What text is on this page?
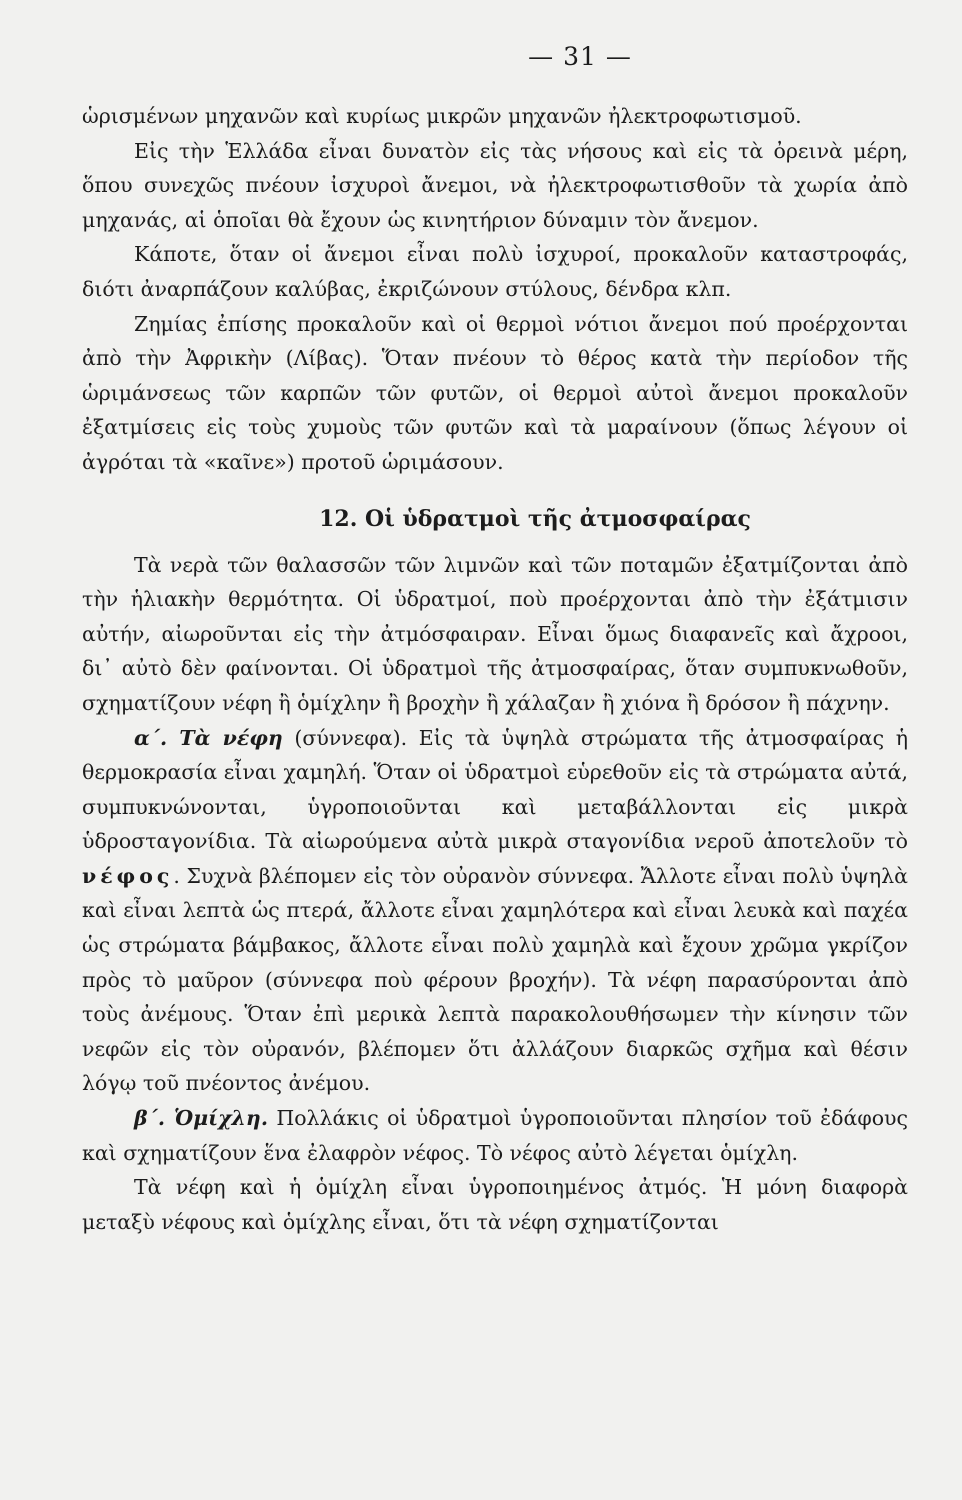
— 31 —

ὡρισμένων μηχανῶν καὶ κυρίως μικρῶν μηχανῶν ἠλεκτροφωτισμοῦ.

Εἰς τὴν Ἑλλάδα εἶναι δυνατὸν εἰς τὰς νήσους καὶ εἰς τὰ ὀρεινὰ μέρη, ὅπου συνεχῶς πνέουν ἰσχυροὶ ἄνεμοι, νὰ ἠλεκτροφωτισθοῦν τὰ χωρία ἀπὸ μηχανάς, αἱ ὁποῖαι θὰ ἔχουν ὡς κινητήριον δύναμιν τὸν ἄνεμον.

Κάποτε, ὅταν οἱ ἄνεμοι εἶναι πολὺ ἰσχυροί, προκαλοῦν καταστροφάς, διότι ἀναρπάζουν καλύβας, ἐκριζώνουν στύλους, δένδρα κλπ.

Ζημίας ἐπίσης προκαλοῦν καὶ οἱ θερμοὶ νότιοι ἄνεμοι πού προέρχονται ἀπὸ τὴν Ἀφρικὴν (Λίβας). Ὅταν πνέουν τὸ θέρος κατὰ τὴν περίοδον τῆς ὡριμάνσεως τῶν καρπῶν τῶν φυτῶν, οἱ θερμοὶ αὐτοὶ ἄνεμοι προκαλοῦν ἐξατμίσεις εἰς τοὺς χυμοὺς τῶν φυτῶν καὶ τὰ μαραίνουν (ὅπως λέγουν οἱ ἀγρόται τὰ «καῖνε») προτοῦ ὡριμάσουν.

12. Οἱ ὑδρατμοὶ τῆς ἀτμοσφαίρας

Τὰ νερὰ τῶν θαλασσῶν τῶν λιμνῶν καὶ τῶν ποταμῶν ἐξατμίζονται ἀπὸ τὴν ἡλιακὴν θερμότητα. Οἱ ὑδρατμοί, ποὺ προέρχονται ἀπὸ τὴν ἐξάτμισιν αὐτήν, αἰωροῦνται εἰς τὴν ἀτμόσφαιραν. Εἶναι ὅμως διαφανεῖς καὶ ἄχροοι, δι᾿ αὐτὸ δὲν φαίνονται. Οἱ ὑδρατμοὶ τῆς ἀτμοσφαίρας, ὅταν συμπυκνωθοῦν, σχηματίζουν νέφη ἢ ὁμίχλην ἢ βροχὴν ἢ χάλαζαν ἢ χιόνα ἢ δρόσον ἢ πάχνην.

α΄. Τὰ νέφη (σύννεφα). Εἰς τὰ ὑψηλὰ στρώματα τῆς ἀτμοσφαίρας ἡ θερμοκρασία εἶναι χαμηλή. Ὅταν οἱ ὑδρατμοὶ εὑρεθοῦν εἰς τὰ στρώματα αὐτά, συμπυκνώνονται, ὑγροποιοῦνται καὶ μεταβάλλονται εἰς μικρὰ ὑδροσταγονίδια. Τὰ αἰωρούμενα αὐτὰ μικρὰ σταγονίδια νεροῦ ἀποτελοῦν τὸ νέφος. Συχνὰ βλέπομεν εἰς τὸν οὐρανὸν σύννεφα. Ἄλλοτε εἶναι πολὺ ὑψηλὰ καὶ εἶναι λεπτὰ ὡς πτερά, ἄλλοτε εἶναι χαμηλότερα καὶ εἶναι λευκὰ καὶ παχέα ὡς στρώματα βάμβακος, ἄλλοτε εἶναι πολὺ χαμηλὰ καὶ ἔχουν χρῶμα γκρίζον πρὸς τὸ μαῦρον (σύννεφα ποὺ φέρουν βροχήν). Τὰ νέφη παρασύρονται ἀπὸ τοὺς ἀνέμους. Ὅταν ἐπὶ μερικὰ λεπτὰ παρακολουθήσωμεν τὴν κίνησιν τῶν νεφῶν εἰς τὸν οὐρανόν, βλέπομεν ὅτι ἀλλάζουν διαρκῶς σχῆμα καὶ θέσιν λόγῳ τοῦ πνέοντος ἀνέμου.

β΄. Ὁμίχλη. Πολλάκις οἱ ὑδρατμοὶ ὑγροποιοῦνται πλησίον τοῦ ἐδάφους καὶ σχηματίζουν ἕνα ἐλαφρὸν νέφος. Τὸ νέφος αὐτὸ λέγεται ὁμίχλη.

Τὰ νέφη καὶ ἡ ὁμίχλη εἶναι ὑγροποιημένος ἀτμός. Ἡ μόνη διαφορὰ μεταξὺ νέφους καὶ ὁμίχλης εἶναι, ὅτι τὰ νέφη σχηματίζονται
